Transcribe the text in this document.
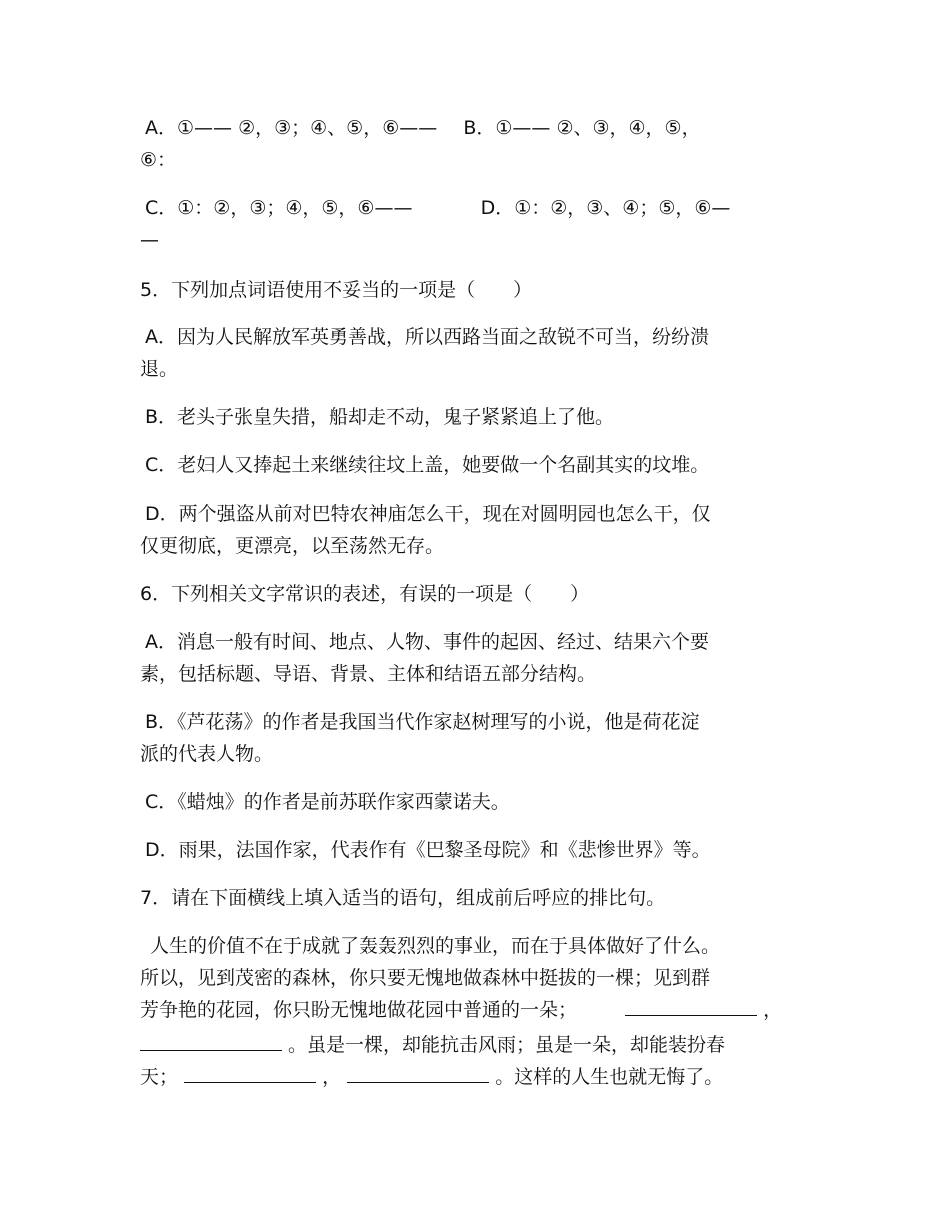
A．①—— ②，③；④、⑤，⑥—— B．①—— ②、③，④，⑤，
⑥：
C．①：②，③；④，⑤，⑥——	D．①：②，③、④；⑤，⑥—
—
5．下列加点词语使用不妥当的一项是（　　）
A．因为人民解放军英勇善战，所以西路当面之敌锐不可当，纷纷溃
退。
B．老头子张皇失措，船却走不动，鬼子紧紧追上了他。
C．老妇人又捧起土来继续往坟上盖，她要做一个名副其实的坟堆。
D．两个强盗从前对巴特农神庙怎么干，现在对圆明园也怎么干，仅
仅更彻底，更漂亮，以至荡然无存。
6．下列相关文字常识的表述，有误的一项是（　　）
A．消息一般有时间、地点、人物、事件的起因、经过、结果六个要
素，包括标题、导语、背景、主体和结语五部分结构。
B．《芦花荡》的作者是我国当代作家赵树理写的小说，他是荷花淀
派的代表人物。
C．《蜡烛》的作者是前苏联作家西蒙诺夫。
D．雨果，法国作家，代表作有《巴黎圣母院》和《悲惨世界》等。
7．请在下面横线上填入适当的语句，组成前后呼应的排比句。
人生的价值不在于成就了轰轰烈烈的事业，而在于具体做好了什么。
所以，见到茂密的森林，你只要无愧地做森林中挺拔的一棵；见到群
芳争艳的花园，你只盼无愧地做花园中普通的一朵；	，
。虽是一棵，却能抗击风雨；虽是一朵，却能装扮春
天；	，	。这样的人生也就无悔了。
